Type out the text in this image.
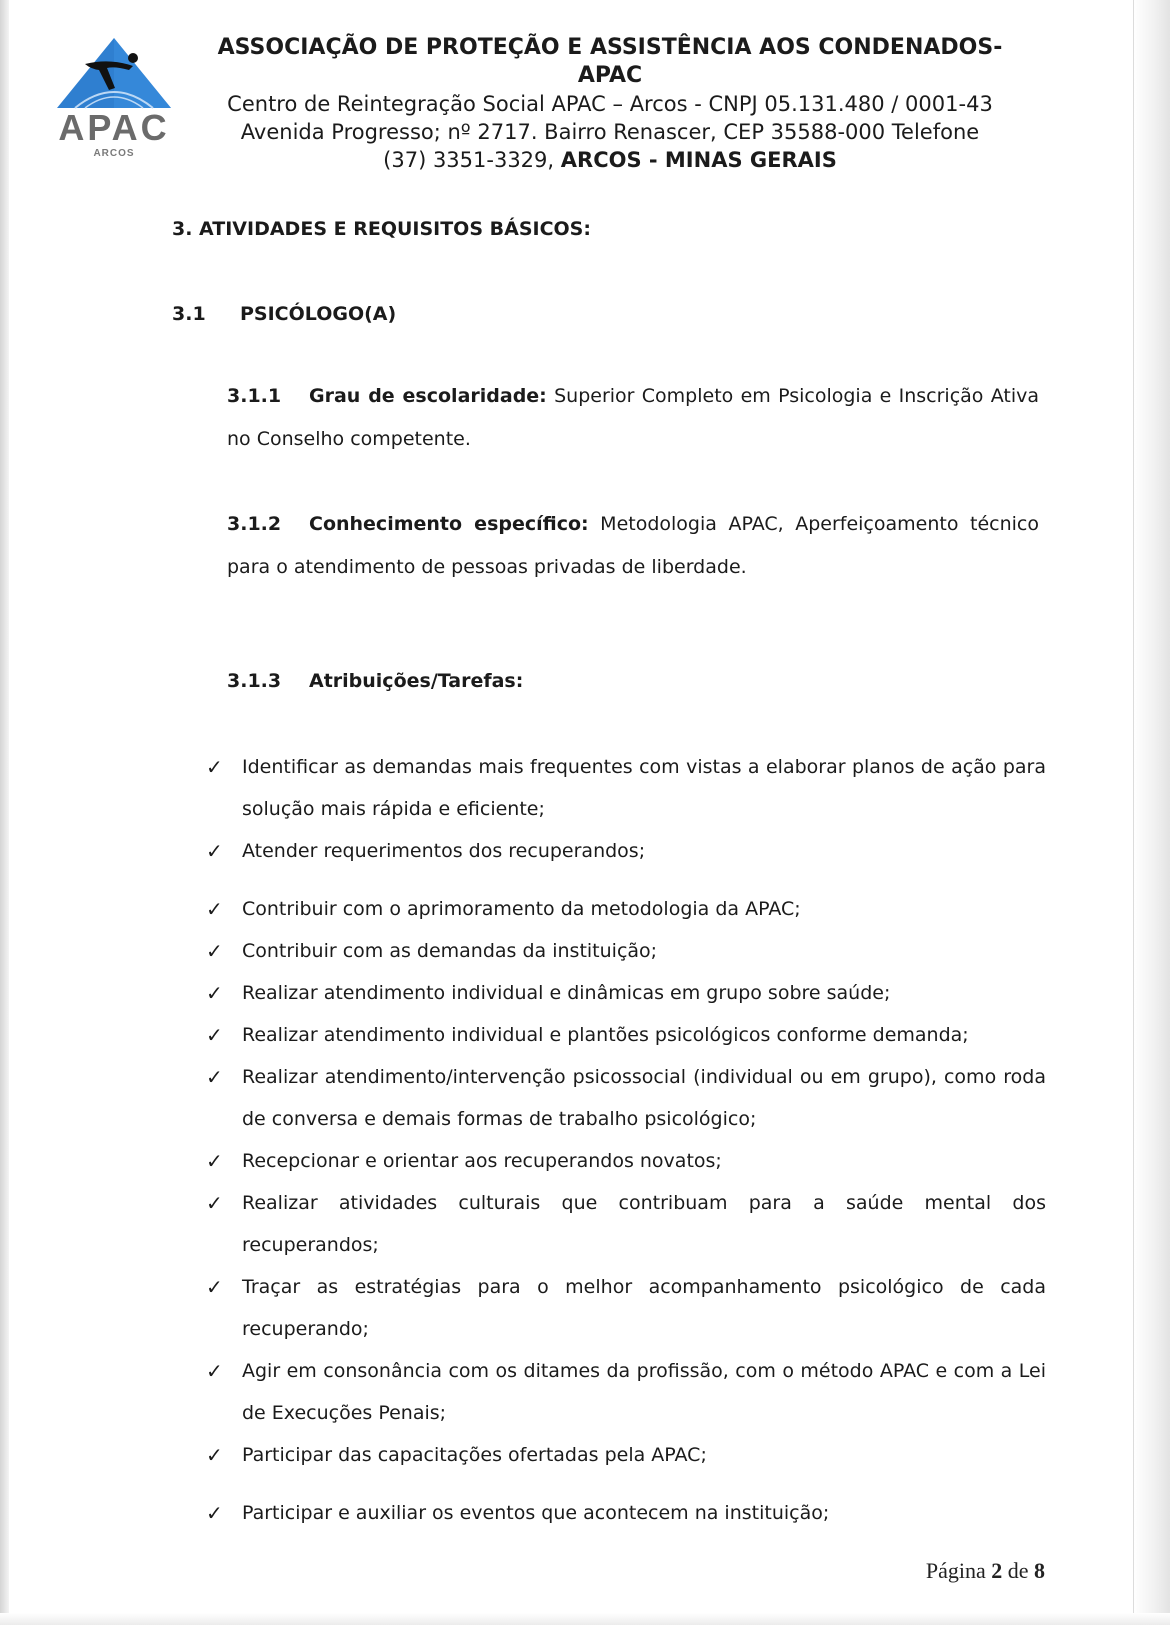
APAC
ARCOS
ASSOCIAÇÃO DE PROTEÇÃO E ASSISTÊNCIA AOS CONDENADOS-APAC
Centro de Reintegração Social APAC – Arcos - CNPJ 05.131.480 / 0001-43
Avenida Progresso; nº 2717. Bairro Renascer, CEP 35588-000 Telefone
(37) 3351-3329, ARCOS - MINAS GERAIS
3. ATIVIDADES E REQUISITOS BÁSICOS:
3.1 PSICÓLOGO(A)
3.1.1 Grau de escolaridade: Superior Completo em Psicologia e Inscrição Ativa no Conselho competente.
3.1.2 Conhecimento específico: Metodologia APAC, Aperfeiçoamento técnico para o atendimento de pessoas privadas de liberdade.
3.1.3 Atribuições/Tarefas:
✓ Identificar as demandas mais frequentes com vistas a elaborar planos de ação para solução mais rápida e eficiente;
✓ Atender requerimentos dos recuperandos;
✓ Contribuir com o aprimoramento da metodologia da APAC;
✓ Contribuir com as demandas da instituição;
✓ Realizar atendimento individual e dinâmicas em grupo sobre saúde;
✓ Realizar atendimento individual e plantões psicológicos conforme demanda;
✓ Realizar atendimento/intervenção psicossocial (individual ou em grupo), como roda de conversa e demais formas de trabalho psicológico;
✓ Recepcionar e orientar aos recuperandos novatos;
✓ Realizar atividades culturais que contribuam para a saúde mental dos recuperandos;
✓ Traçar as estratégias para o melhor acompanhamento psicológico de cada recuperando;
✓ Agir em consonância com os ditames da profissão, com o método APAC e com a Lei de Execuções Penais;
✓ Participar das capacitações ofertadas pela APAC;
✓ Participar e auxiliar os eventos que acontecem na instituição;
Página 2 de 8
